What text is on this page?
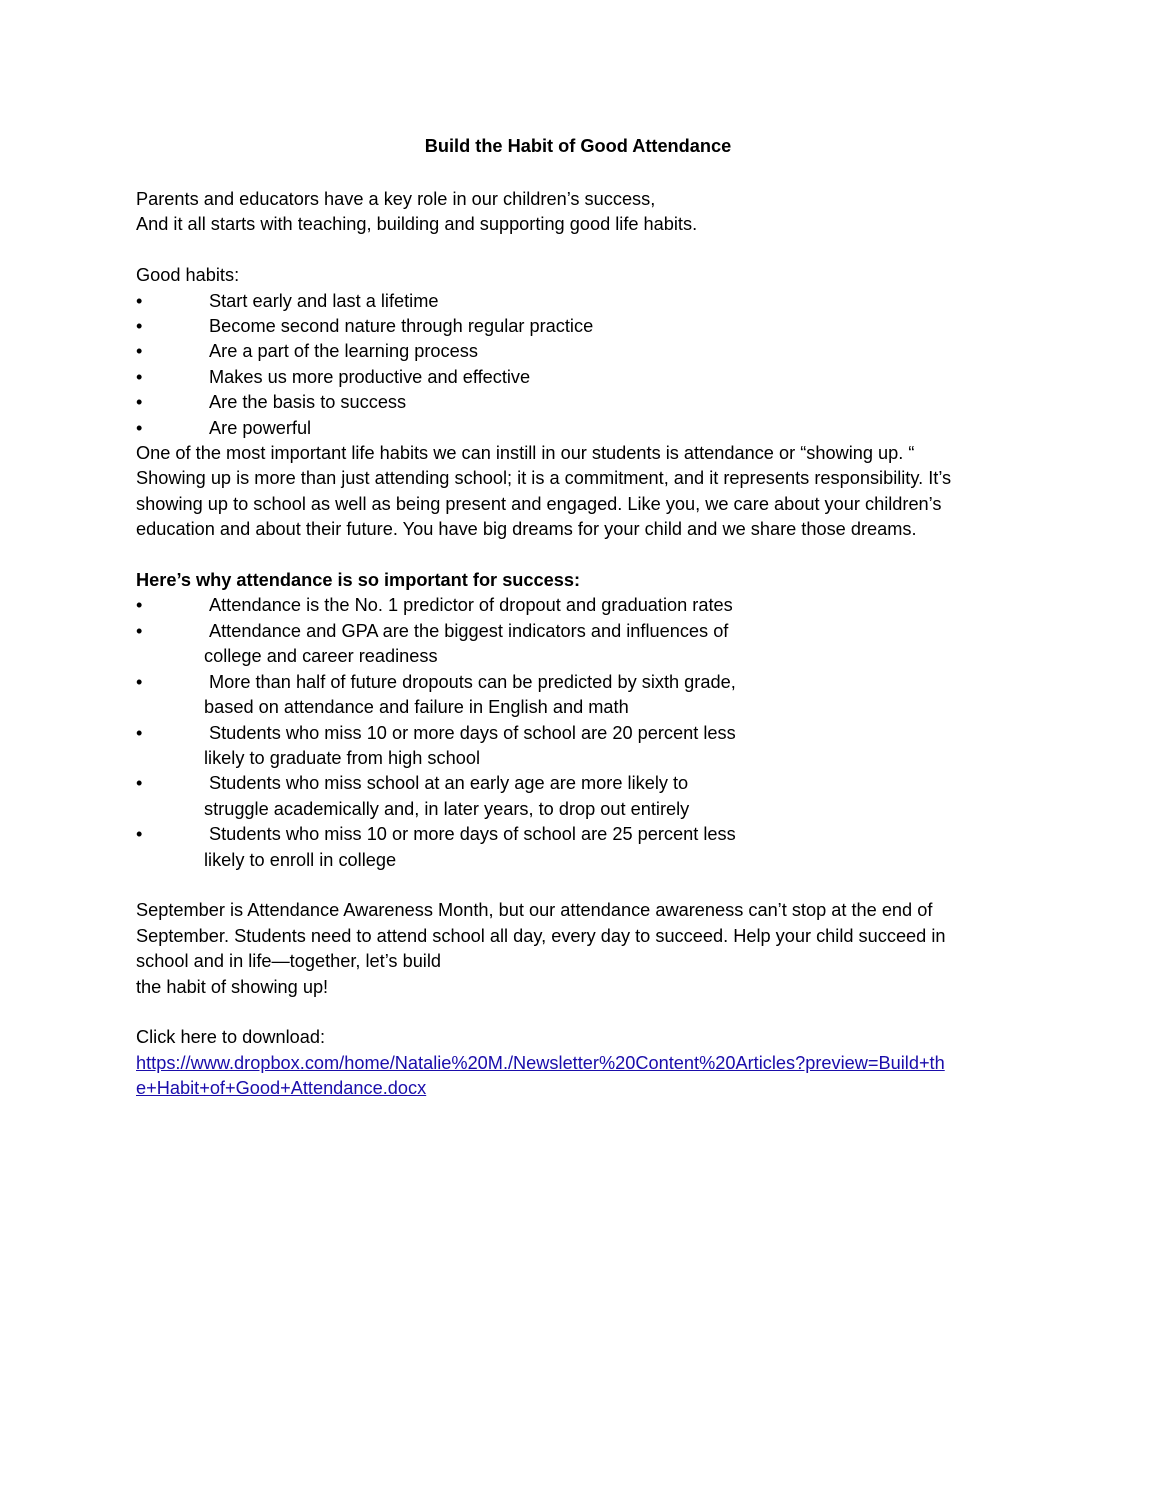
Build the Habit of Good Attendance
Parents and educators have a key role in our children’s success,
And it all starts with teaching, building and supporting good life habits.
Good habits:
•	Start early and last a lifetime
•	Become second nature through regular practice
•	Are a part of the learning process
•	Makes us more productive and effective
•	Are the basis to success
•	Are powerful
One of the most important life habits we can instill in our students is attendance or “showing up. “
Showing up is more than just attending school; it is a commitment, and it represents responsibility. It’s
showing up to school as well as being present and engaged. Like you, we care about your children’s
education and about their future. You have big dreams for your child and we share those dreams.
Here’s why attendance is so important for success:
•	Attendance is the No. 1 predictor of dropout and graduation rates
•	Attendance and GPA are the biggest indicators and influences of
college and career readiness
•	More than half of future dropouts can be predicted by sixth grade,
based on attendance and failure in English and math
•	Students who miss 10 or more days of school are 20 percent less
likely to graduate from high school
•	Students who miss school at an early age are more likely to
struggle academically and, in later years, to drop out entirely
•	Students who miss 10 or more days of school are 25 percent less
likely to enroll in college
September is Attendance Awareness Month, but our attendance awareness can’t stop at the end of
September. Students need to attend school all day, every day to succeed. Help your child succeed in
school and in life—together, let’s build
the habit of showing up!
Click here to download:
https://www.dropbox.com/home/Natalie%20M./Newsletter%20Content%20Articles?preview=Build+th
e+Habit+of+Good+Attendance.docx
